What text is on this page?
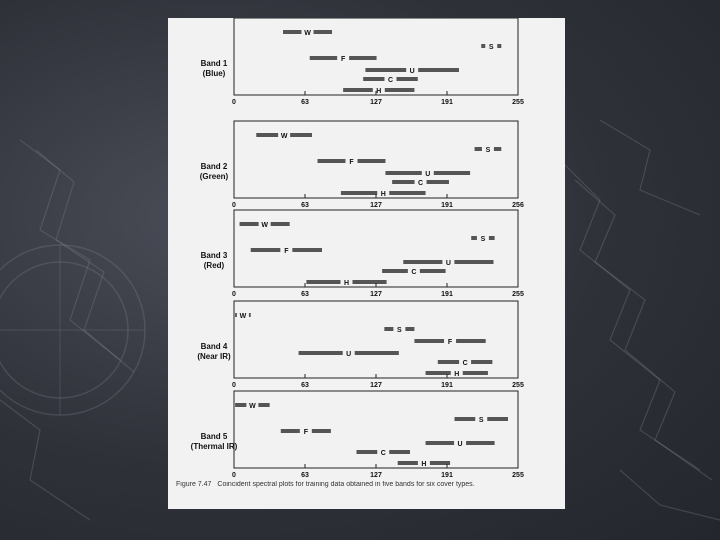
Band 1
(Blue)
W
S
F
U
C
H
0	63	127	191	255
Band 2
(Green)
W
S
F
U
C
H
0	63	127	191	256
Band 3
(Red)
W
S
F
U
C
H
0	63	127	191	255
Band 4
(Near IR)
W
S
F
U
C
H
0	63	127	191	255
Band 5
(Thermal IR)
W
S
F
U
C
H
0	63	127	191	255
Figure 7.47 Coincident spectral plots for training data obtained in five bands for six cover types.
